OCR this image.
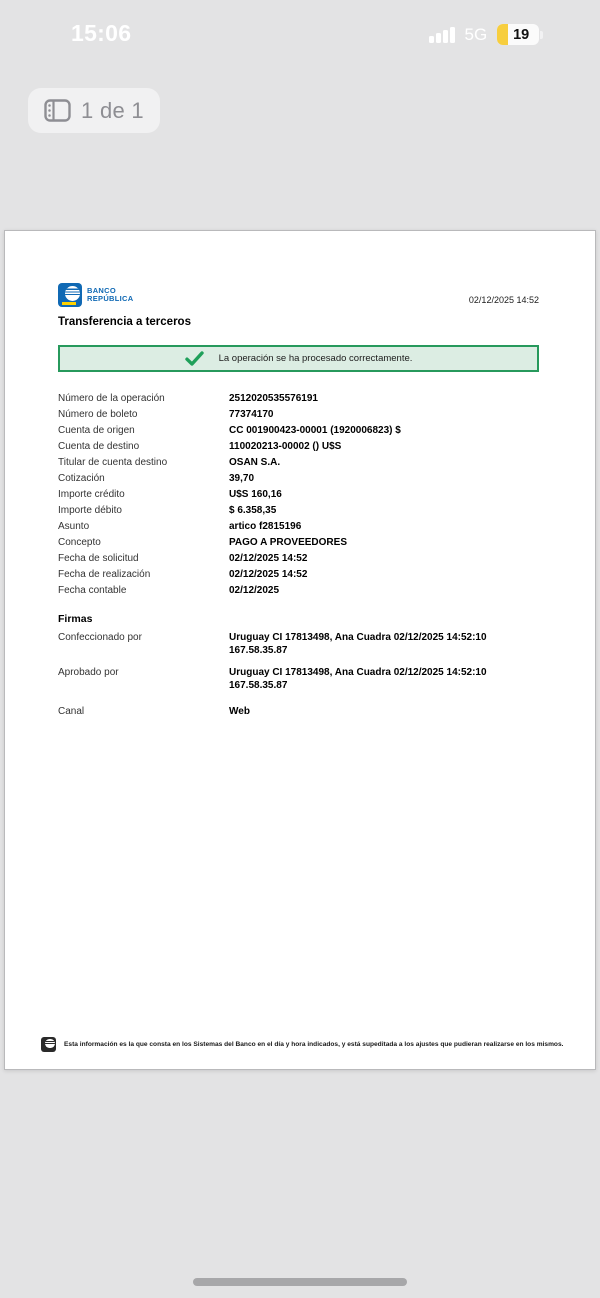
15:06	5G	19
1 de 1
BANCO
REPÚBLICA	02/12/2025 14:52
Transferencia a terceros
La operación se ha procesado correctamente.
Número de la operación	2512020535576191
Número de boleto	77374170
Cuenta de origen	CC 001900423-00001 (1920006823) $
Cuenta de destino	110020213-00002 () U$S
Titular de cuenta destino	OSAN S.A.
Cotización	39,70
Importe crédito	U$S 160,16
Importe débito	$ 6.358,35
Asunto	artico f2815196
Concepto	PAGO A PROVEEDORES
Fecha de solicitud	02/12/2025 14:52
Fecha de realización	02/12/2025 14:52
Fecha contable	02/12/2025
Firmas
Confeccionado por	Uruguay CI 17813498, Ana Cuadra 02/12/2025 14:52:10 167.58.35.87
Aprobado por	Uruguay CI 17813498, Ana Cuadra 02/12/2025 14:52:10 167.58.35.87
Canal	Web
Esta información es la que consta en los Sistemas del Banco en el día y hora indicados, y está supeditada a los ajustes que pudieran realizarse en los mismos.
